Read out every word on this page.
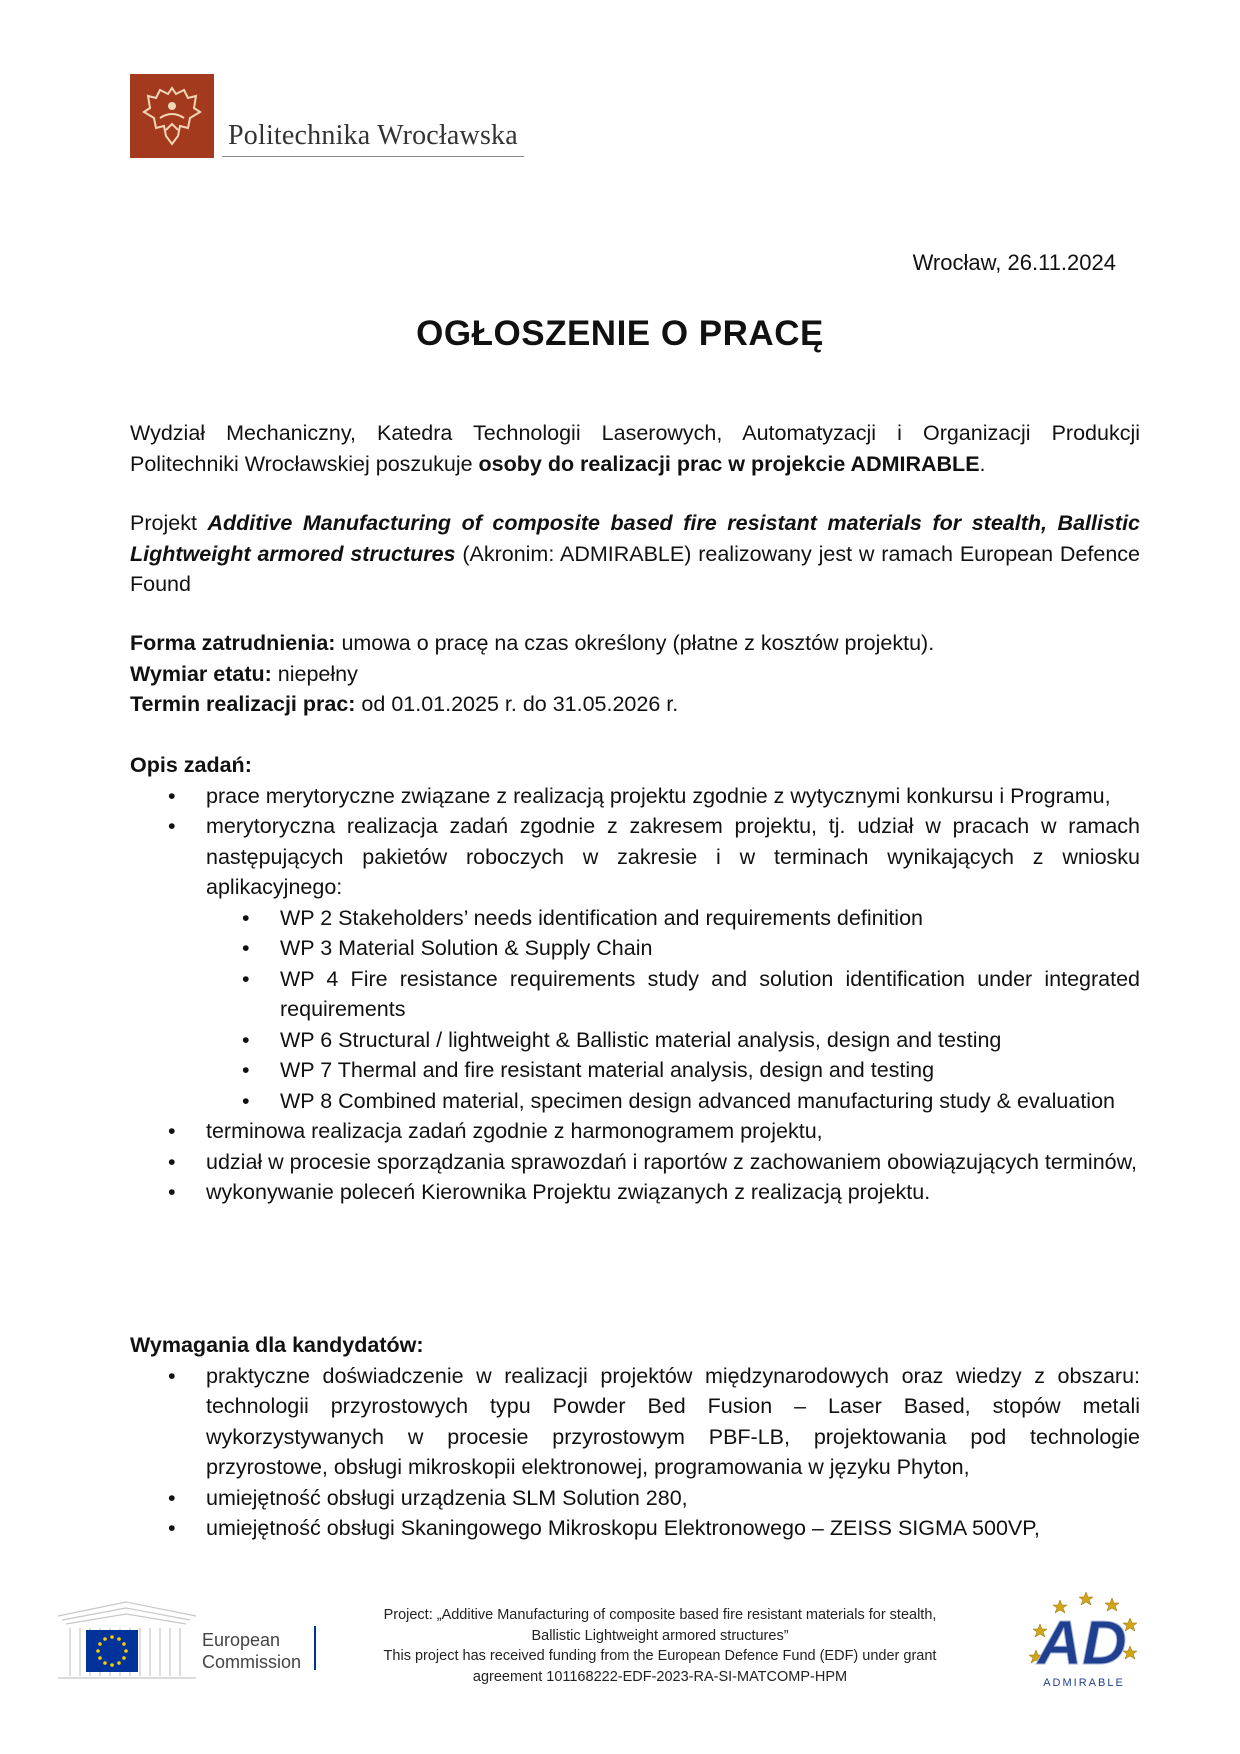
Politechnika Wrocławska
Wrocław, 26.11.2024
OGŁOSZENIE O PRACĘ
Wydział Mechaniczny, Katedra Technologii Laserowych, Automatyzacji i Organizacji Produkcji
Politechniki Wrocławskiej poszukuje osoby do realizacji prac w projekcie ADMIRABLE.
Projekt Additive Manufacturing of composite based fire resistant materials for stealth, Ballistic Lightweight armored structures (Akronim: ADMIRABLE) realizowany jest w ramach European Defence Found
Forma zatrudnienia: umowa o pracę na czas określony (płatne z kosztów projektu).
Wymiar etatu: niepełny
Termin realizacji prac: od 01.01.2025 r. do 31.05.2026 r.
Opis zadań:
• prace merytoryczne związane z realizacją projektu zgodnie z wytycznymi konkursu i Programu,
• merytoryczna realizacja zadań zgodnie z zakresem projektu, tj. udział w pracach w ramach następujących pakietów roboczych w zakresie i w terminach wynikających z wniosku aplikacyjnego:
•	WP 2 Stakeholders’ needs identification and requirements definition
•	WP 3 Material Solution & Supply Chain
•	WP 4 Fire resistance requirements study and solution identification under integrated requirements
•	WP 6 Structural / lightweight & Ballistic material analysis, design and testing
•	WP 7 Thermal and fire resistant material analysis, design and testing
•	WP 8 Combined material, specimen design advanced manufacturing study & evaluation
• terminowa realizacja zadań zgodnie z harmonogramem projektu,
• udział w procesie sporządzania sprawozdań i raportów z zachowaniem obowiązujących terminów,
• wykonywanie poleceń Kierownika Projektu związanych z realizacją projektu.
Wymagania dla kandydatów:
• praktyczne doświadczenie w realizacji projektów międzynarodowych oraz wiedzy z obszaru: technologii przyrostowych typu Powder Bed Fusion – Laser Based, stopów metali wykorzystywanych w procesie przyrostowym PBF-LB, projektowania pod technologie przyrostowe, obsługi mikroskopii elektronowej, programowania w języku Phyton,
• umiejętność obsługi urządzenia SLM Solution 280,
• umiejętność obsługi Skaningowego Mikroskopu Elektronowego – ZEISS SIGMA 500VP,
European
Commission
Project: „Additive Manufacturing of composite based fire resistant materials for stealth,
Ballistic Lightweight armored structures”
This project has received funding from the European Defence Fund (EDF) under grant
agreement 101168222-EDF-2023-RA-SI-MATCOMP-HPM	AD
ADMIRABLE
